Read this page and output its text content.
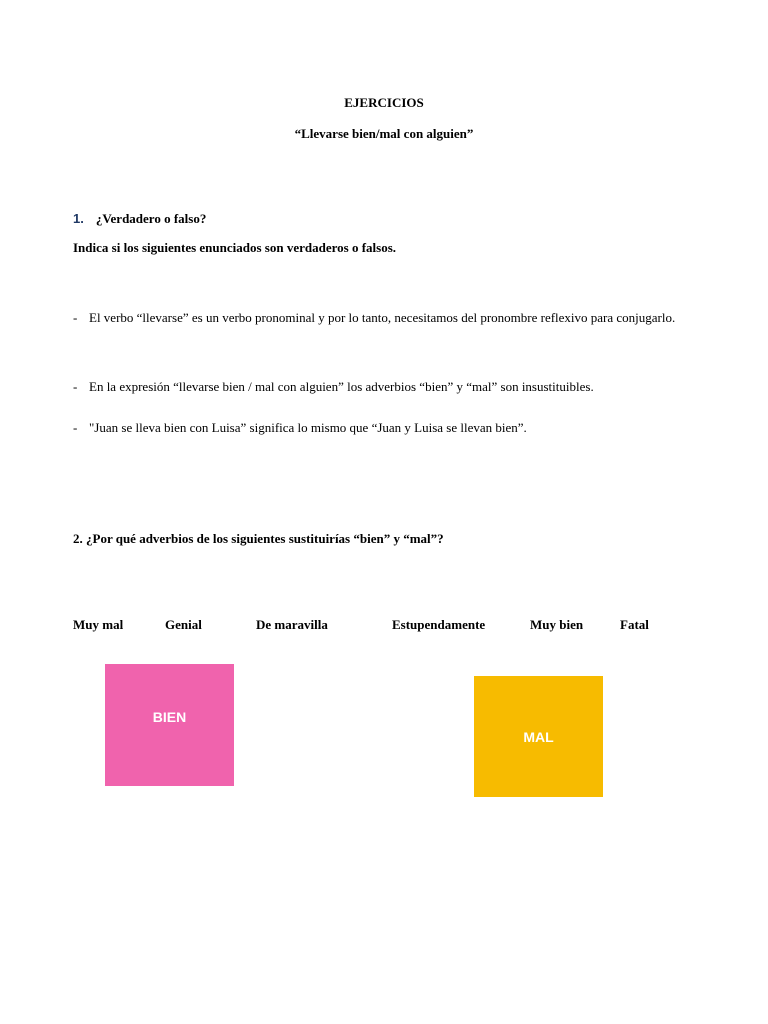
EJERCICIOS
“Llevarse bien/mal con alguien”
1. ¿Verdadero o falso?
Indica si los siguientes enunciados son verdaderos o falsos.
- El verbo “llevarse” es un verbo pronominal y por lo tanto, necesitamos del pronombre reflexivo para conjugarlo.
- En la expresión “llevarse bien / mal con alguien” los adverbios “bien” y “mal” son insustituibles.
- "Juan se lleva bien con Luisa” significa lo mismo que “Juan y Luisa se llevan bien”.
2. ¿Por qué adverbios de los siguientes sustituirías “bien” y “mal”?
Muy mal	Genial	De maravilla	Estupendamente	Muy bien	Fatal
BIEN
MAL
